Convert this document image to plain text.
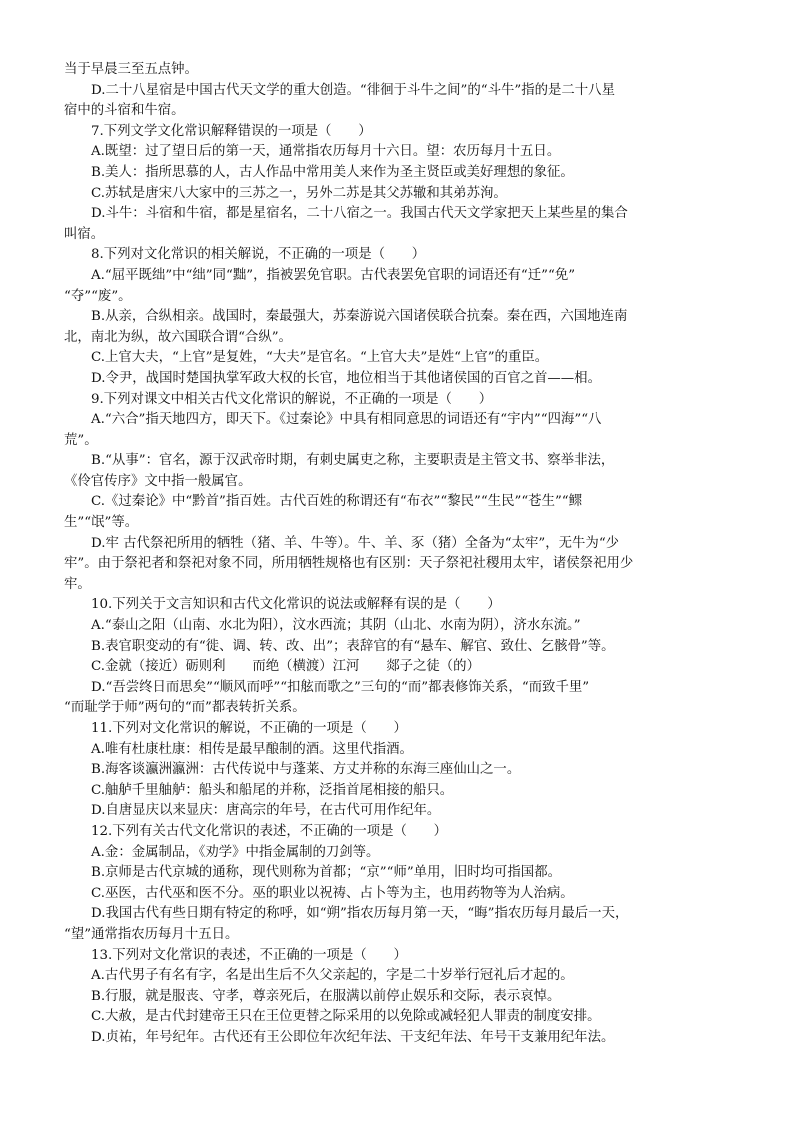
当于早晨三至五点钟。
D.二十八星宿是中国古代天文学的重大创造。“徘徊于斗牛之间”的“斗牛”指的是二十八星
宿中的斗宿和牛宿。
7.下列文学文化常识解释错误的一项是（　　）
A.既望：过了望日后的第一天，通常指农历每月十六日。望：农历每月十五日。
B.美人：指所思慕的人，古人作品中常用美人来作为圣主贤臣或美好理想的象征。
C.苏轼是唐宋八大家中的三苏之一，另外二苏是其父苏辙和其弟苏洵。
D.斗牛：斗宿和牛宿，都是星宿名，二十八宿之一。我国古代天文学家把天上某些星的集合
叫宿。
8.下列对文化常识的相关解说，不正确的一项是（　　）
A.“屈平既绌”中“绌”同“黜”，指被罢免官职。古代表罢免官职的词语还有“迁”“免”
“夺”“废”。
B.从亲，合纵相亲。战国时，秦最强大，苏秦游说六国诸侯联合抗秦。秦在西，六国地连南
北，南北为纵，故六国联合谓“合纵”。
C.上官大夫，“上官”是复姓，“大夫”是官名。“上官大夫”是姓“上官”的重臣。
D.令尹，战国时楚国执掌军政大权的长官，地位相当于其他诸侯国的百官之首——相。
9.下列对课文中相关古代文化常识的解说，不正确的一项是（　　）
A.“六合”指天地四方，即天下。《过秦论》中具有相同意思的词语还有“宇内”“四海”“八
荒”。
B.“从事”：官名，源于汉武帝时期，有刺史属吏之称，主要职责是主管文书、察举非法，
《伶官传序》文中指一般属官。
C.《过秦论》中“黔首”指百姓。古代百姓的称谓还有“布衣”“黎民”“生民”“苍生”“鳏
生”“氓”等。
D.牢 古代祭祀所用的牺牲（猪、羊、牛等）。牛、羊、豕（猪）全备为“太牢”，无牛为“少
牢”。由于祭祀者和祭祀对象不同，所用牺牲规格也有区别：天子祭祀社稷用太牢，诸侯祭祀用少
牢。
10.下列关于文言知识和古代文化常识的说法或解释有误的是（　　）
A.“泰山之阳（山南、水北为阳），汶水西流；其阴（山北、水南为阴），济水东流。”
B.表官职变动的有“徙、调、转、改、出”；表辞官的有“悬车、解官、致仕、乞骸骨”等。
C.金就（接近）砺则利　　而绝（横渡）江河　　郯子之徒（的）
D.“吾尝终日而思矣”“顺风而呼”“扣舷而歌之”三句的“而”都表修饰关系，“而致千里”
“而耻学于师”两句的“而”都表转折关系。
11.下列对文化常识的解说，不正确的一项是（　　）
A.唯有杜康杜康：相传是最早酿制的酒。这里代指酒。
B.海客谈瀛洲瀛洲：古代传说中与蓬莱、方丈并称的东海三座仙山之一。
C.舳舻千里舳舻：船头和船尾的并称，泛指首尾相接的船只。
D.自唐显庆以来显庆：唐高宗的年号，在古代可用作纪年。
12.下列有关古代文化常识的表述，不正确的一项是（　　）
A.金：金属制品，《劝学》中指金属制的刀剑等。
B.京师是古代京城的通称，现代则称为首都；“京”“师”单用，旧时均可指国都。
C.巫医，古代巫和医不分。巫的职业以祝祷、占卜等为主，也用药物等为人治病。
D.我国古代有些日期有特定的称呼，如“朔”指农历每月第一天，“晦”指农历每月最后一天，
“望”通常指农历每月十五日。
13.下列对文化常识的表述，不正确的一项是（　　）
A.古代男子有名有字，名是出生后不久父亲起的，字是二十岁举行冠礼后才起的。
B.行服，就是服丧、守孝，尊亲死后，在服满以前停止娱乐和交际，表示哀悼。
C.大赦，是古代封建帝王只在王位更替之际采用的以免除或减轻犯人罪责的制度安排。
D.贞祐，年号纪年。古代还有王公即位年次纪年法、干支纪年法、年号干支兼用纪年法。
